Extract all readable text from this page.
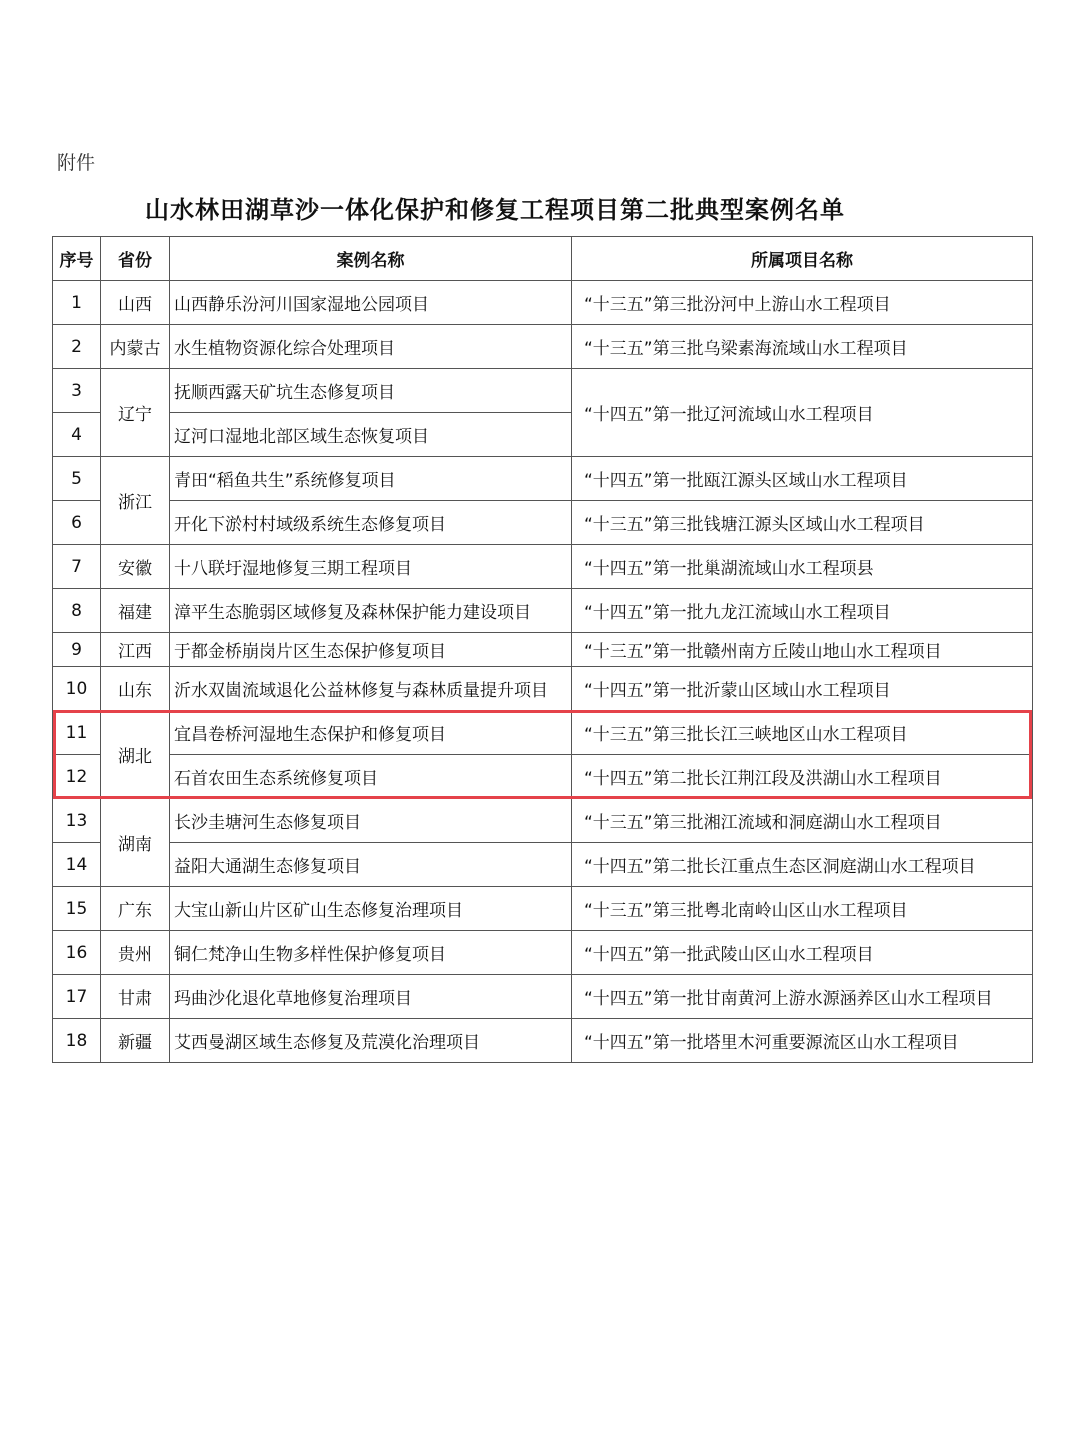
附件
山水林田湖草沙一体化保护和修复工程项目第二批典型案例名单
序号	省份	案例名称	所属项目名称
1	山西	山西静乐汾河川国家湿地公园项目	“十三五”第三批汾河中上游山水工程项目
2	内蒙古	水生植物资源化综合处理项目	“十三五”第三批乌梁素海流域山水工程项目
3	辽宁	抚顺西露天矿坑生态修复项目	“十四五”第一批辽河流域山水工程项目
4		辽河口湿地北部区域生态恢复项目	
5	浙江	青田“稻鱼共生”系统修复项目	“十四五”第一批瓯江源头区域山水工程项目
6		开化下淤村村域级系统生态修复项目	“十三五”第三批钱塘江源头区域山水工程项目
7	安徽	十八联圩湿地修复三期工程项目	“十四五”第一批巢湖流域山水工程项县
8	福建	漳平生态脆弱区域修复及森林保护能力建设项目	“十四五”第一批九龙江流域山水工程项目
9	江西	于都金桥崩岗片区生态保护修复项目	“十三五”第一批赣州南方丘陵山地山水工程项目
10	山东	沂水双崮流域退化公益林修复与森林质量提升项目	“十四五”第一批沂蒙山区域山水工程项目
11	湖北	宜昌卷桥河湿地生态保护和修复项目	“十三五”第三批长江三峡地区山水工程项目
12		石首农田生态系统修复项目	“十四五”第二批长江荆江段及洪湖山水工程项目
13	湖南	长沙圭塘河生态修复项目	“十三五”第三批湘江流域和洞庭湖山水工程项目
14		益阳大通湖生态修复项目	“十四五”第二批长江重点生态区洞庭湖山水工程项目
15	广东	大宝山新山片区矿山生态修复治理项目	“十三五”第三批粤北南岭山区山水工程项目
16	贵州	铜仁梵净山生物多样性保护修复项目	“十四五”第一批武陵山区山水工程项目
17	甘肃	玛曲沙化退化草地修复治理项目	“十四五”第一批甘南黄河上游水源涵养区山水工程项目
18	新疆	艾西曼湖区域生态修复及荒漠化治理项目	“十四五”第一批塔里木河重要源流区山水工程项目
